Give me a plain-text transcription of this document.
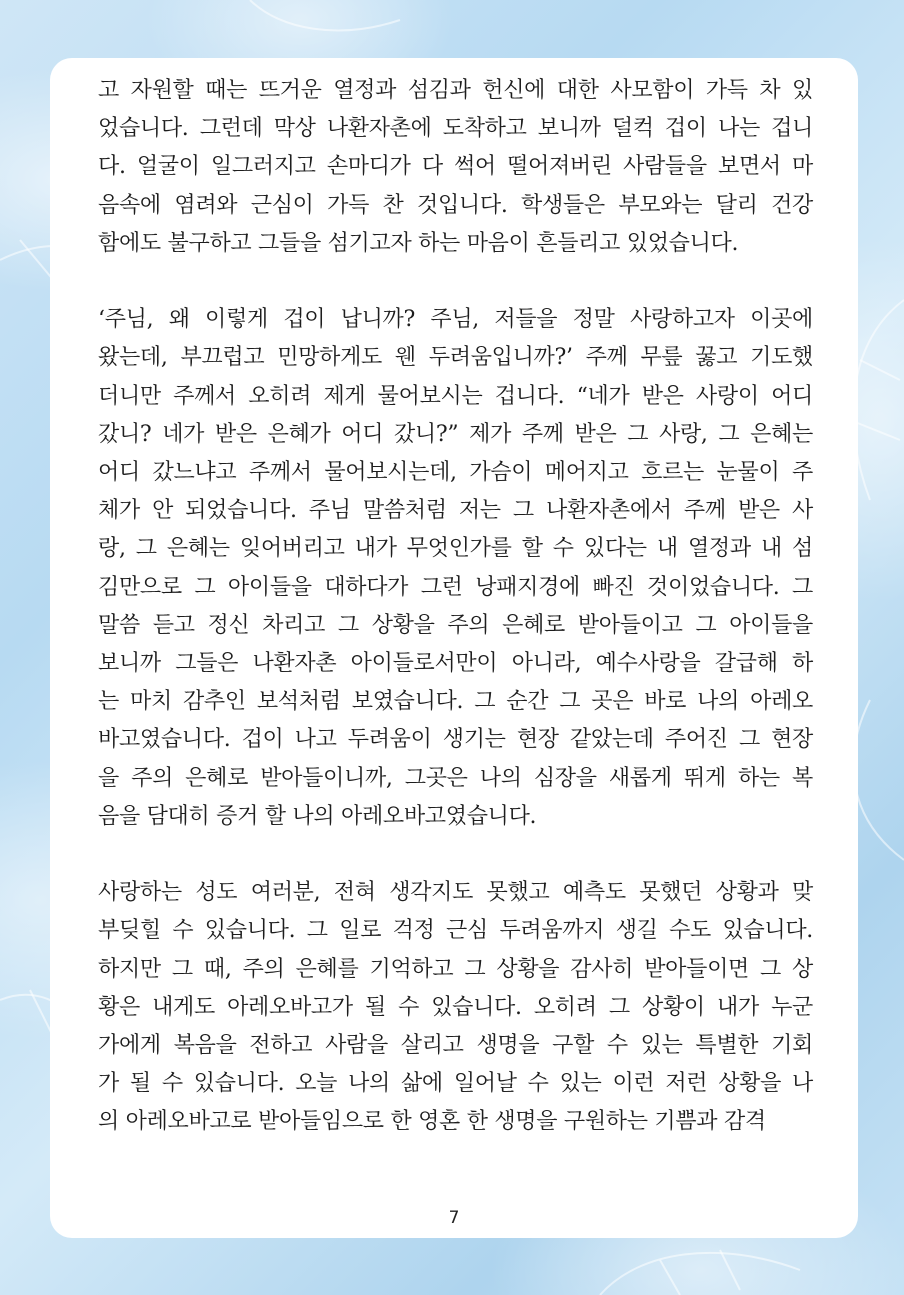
고 자원할 때는 뜨거운 열정과 섬김과 헌신에 대한 사모함이 가득 차 있
었습니다. 그런데 막상 나환자촌에 도착하고 보니까 덜컥 겁이 나는 겁니
다. 얼굴이 일그러지고 손마디가 다 썩어 떨어져버린 사람들을 보면서 마
음속에 염려와 근심이 가득 찬 것입니다. 학생들은 부모와는 달리 건강
함에도 불구하고 그들을 섬기고자 하는 마음이 흔들리고 있었습니다.
‘주님, 왜 이렇게 겁이 납니까? 주님, 저들을 정말 사랑하고자 이곳에
왔는데, 부끄럽고 민망하게도 웬 두려움입니까?’ 주께 무릎 꿇고 기도했
더니만 주께서 오히려 제게 물어보시는 겁니다. “네가 받은 사랑이 어디
갔니? 네가 받은 은혜가 어디 갔니?” 제가 주께 받은 그 사랑, 그 은혜는
어디 갔느냐고 주께서 물어보시는데, 가슴이 메어지고 흐르는 눈물이 주
체가 안 되었습니다. 주님 말씀처럼 저는 그 나환자촌에서 주께 받은 사
랑, 그 은혜는 잊어버리고 내가 무엇인가를 할 수 있다는 내 열정과 내 섬
김만으로 그 아이들을 대하다가 그런 낭패지경에 빠진 것이었습니다. 그
말씀 듣고 정신 차리고 그 상황을 주의 은혜로 받아들이고 그 아이들을
보니까 그들은 나환자촌 아이들로서만이 아니라, 예수사랑을 갈급해 하
는 마치 감추인 보석처럼 보였습니다. 그 순간 그 곳은 바로 나의 아레오
바고였습니다. 겁이 나고 두려움이 생기는 현장 같았는데 주어진 그 현장
을 주의 은혜로 받아들이니까, 그곳은 나의 심장을 새롭게 뛰게 하는 복
음을 담대히 증거 할 나의 아레오바고였습니다.
사랑하는 성도 여러분, 전혀 생각지도 못했고 예측도 못했던 상황과 맞
부딪힐 수 있습니다. 그 일로 걱정 근심 두려움까지 생길 수도 있습니다.
하지만 그 때, 주의 은혜를 기억하고 그 상황을 감사히 받아들이면 그 상
황은 내게도 아레오바고가 될 수 있습니다. 오히려 그 상황이 내가 누군
가에게 복음을 전하고 사람을 살리고 생명을 구할 수 있는 특별한 기회
가 될 수 있습니다. 오늘 나의 삶에 일어날 수 있는 이런 저런 상황을 나
의 아레오바고로 받아들임으로 한 영혼 한 생명을 구원하는 기쁨과 감격
7
